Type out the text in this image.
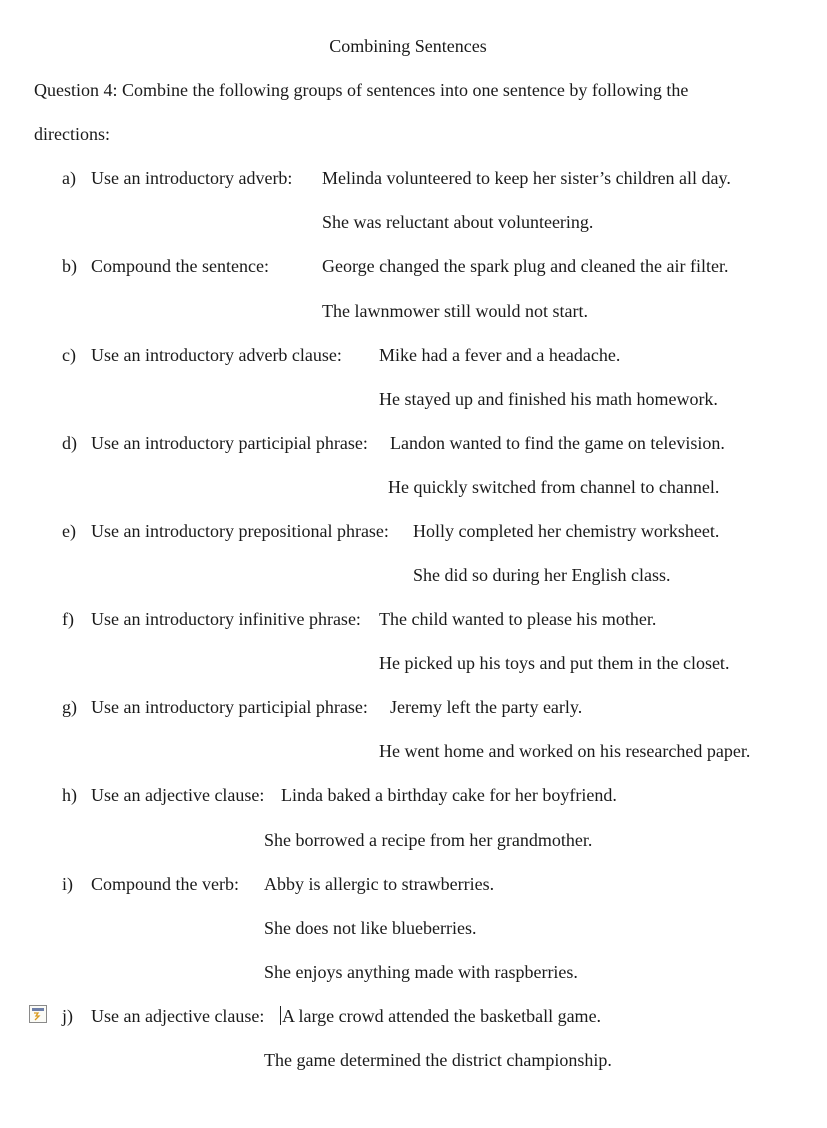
Combining Sentences
Question 4: Combine the following groups of sentences into one sentence by following the
directions:
a) Use an introductory adverb: Melinda volunteered to keep her sister’s children all day.
She was reluctant about volunteering.
b) Compound the sentence:	George changed the spark plug and cleaned the air filter.
The lawnmower still would not start.
c) Use an introductory adverb clause: Mike had a fever and a headache.
He stayed up and finished his math homework.
d) Use an introductory participial phrase: Landon wanted to find the game on television.
He quickly switched from channel to channel.
e) Use an introductory prepositional phrase: Holly completed her chemistry worksheet.
She did so during her English class.
f) Use an introductory infinitive phrase: The child wanted to please his mother.
He picked up his toys and put them in the closet.
g) Use an introductory participial phrase: Jeremy left the party early.
He went home and worked on his researched paper.
h) Use an adjective clause: Linda baked a birthday cake for her boyfriend.
She borrowed a recipe from her grandmother.
i) Compound the verb: Abby is allergic to strawberries.
She does not like blueberries.
She enjoys anything made with raspberries.
j) Use an adjective clause: A large crowd attended the basketball game.
The game determined the district championship.
